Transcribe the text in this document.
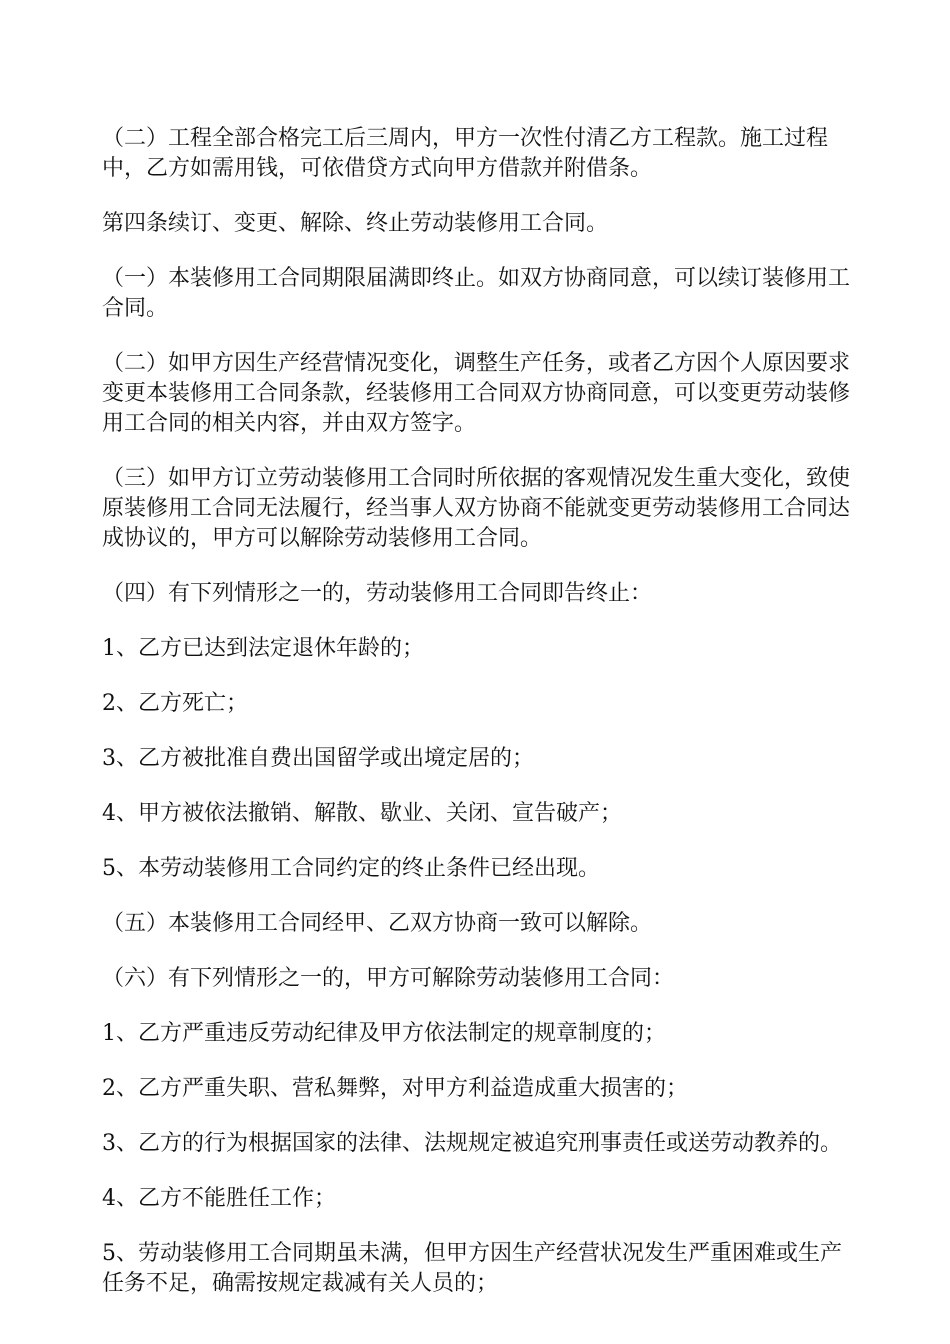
（二）工程全部合格完工后三周内，甲方一次性付清乙方工程款。施工过程中，乙方如需用钱，可依借贷方式向甲方借款并附借条。

第四条续订、变更、解除、终止劳动装修用工合同。

（一）本装修用工合同期限届满即终止。如双方协商同意，可以续订装修用工合同。

（二）如甲方因生产经营情况变化，调整生产任务，或者乙方因个人原因要求变更本装修用工合同条款，经装修用工合同双方协商同意，可以变更劳动装修用工合同的相关内容，并由双方签字。

（三）如甲方订立劳动装修用工合同时所依据的客观情况发生重大变化，致使原装修用工合同无法履行，经当事人双方协商不能就变更劳动装修用工合同达成协议的，甲方可以解除劳动装修用工合同。

（四）有下列情形之一的，劳动装修用工合同即告终止：

1、乙方已达到法定退休年龄的；

2、乙方死亡；

3、乙方被批准自费出国留学或出境定居的；

4、甲方被依法撤销、解散、歇业、关闭、宣告破产；

5、本劳动装修用工合同约定的终止条件已经出现。

（五）本装修用工合同经甲、乙双方协商一致可以解除。

（六）有下列情形之一的，甲方可解除劳动装修用工合同：

1、乙方严重违反劳动纪律及甲方依法制定的规章制度的；

2、乙方严重失职、营私舞弊，对甲方利益造成重大损害的；

3、乙方的行为根据国家的法律、法规规定被追究刑事责任或送劳动教养的。

4、乙方不能胜任工作；

5、劳动装修用工合同期虽未满，但甲方因生产经营状况发生严重困难或生产任务不足，确需按规定裁减有关人员的；
